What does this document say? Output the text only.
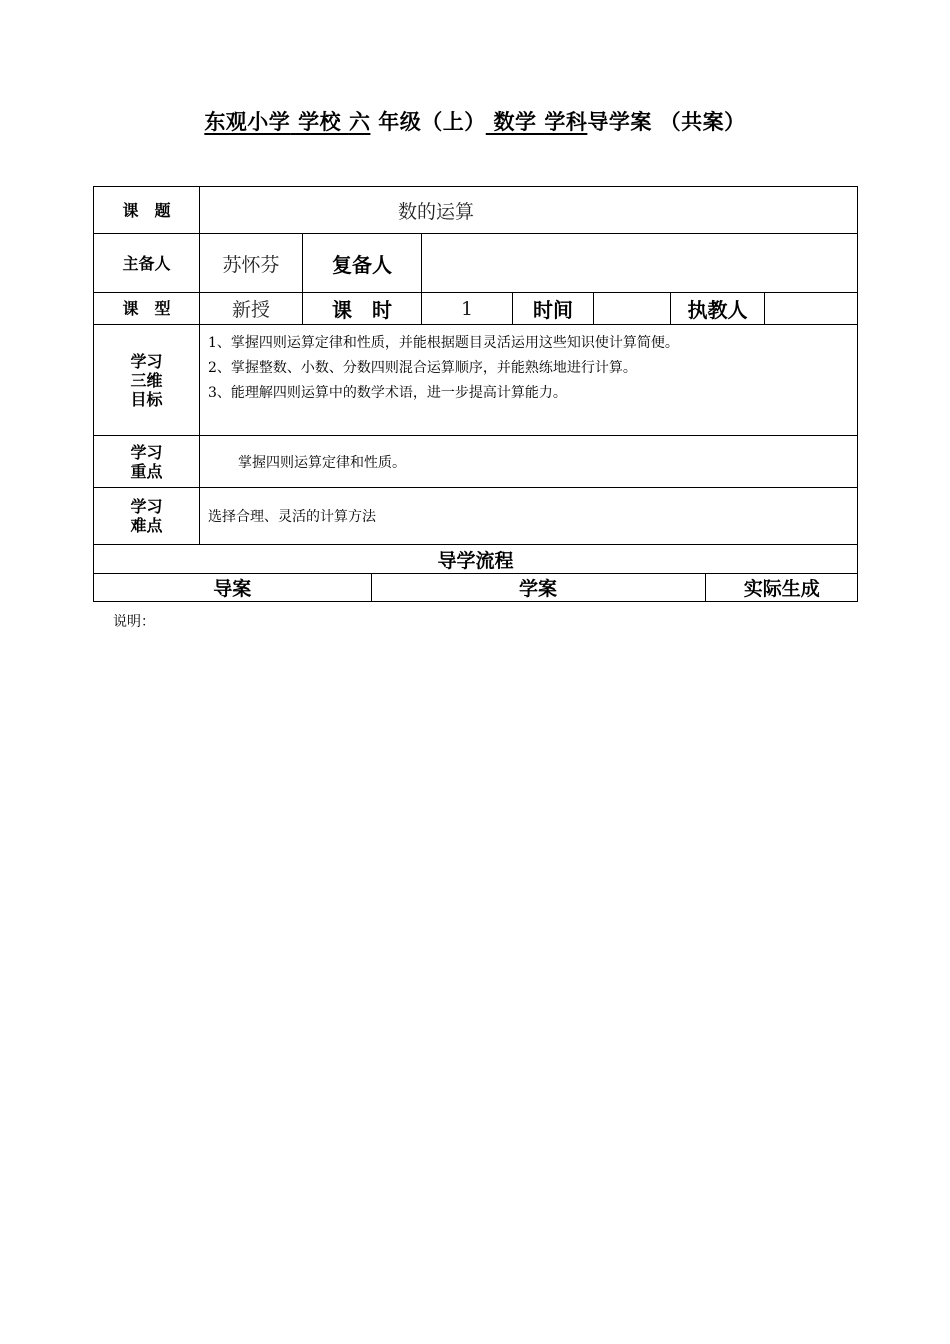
东观小学 学校 六 年级（上） 数学 学科导学案 （共案）
课　题	数的运算
主备人	苏怀芬	复备人	
课　型	新授	课　时	1	时间		执教人	

学习
三维
目标

1、掌握四则运算定律和性质，并能根据题目灵活运用这些知识使计算简便。
2、掌握整数、小数、分数四则混合运算顺序，并能熟练地进行计算。
3、能理解四则运算中的数学术语，进一步提高计算能力。

学习
重点	掌握四则运算定律和性质。

学习
难点	选择合理、灵活的计算方法
导学流程

导案	学案	实际生成
说明：
